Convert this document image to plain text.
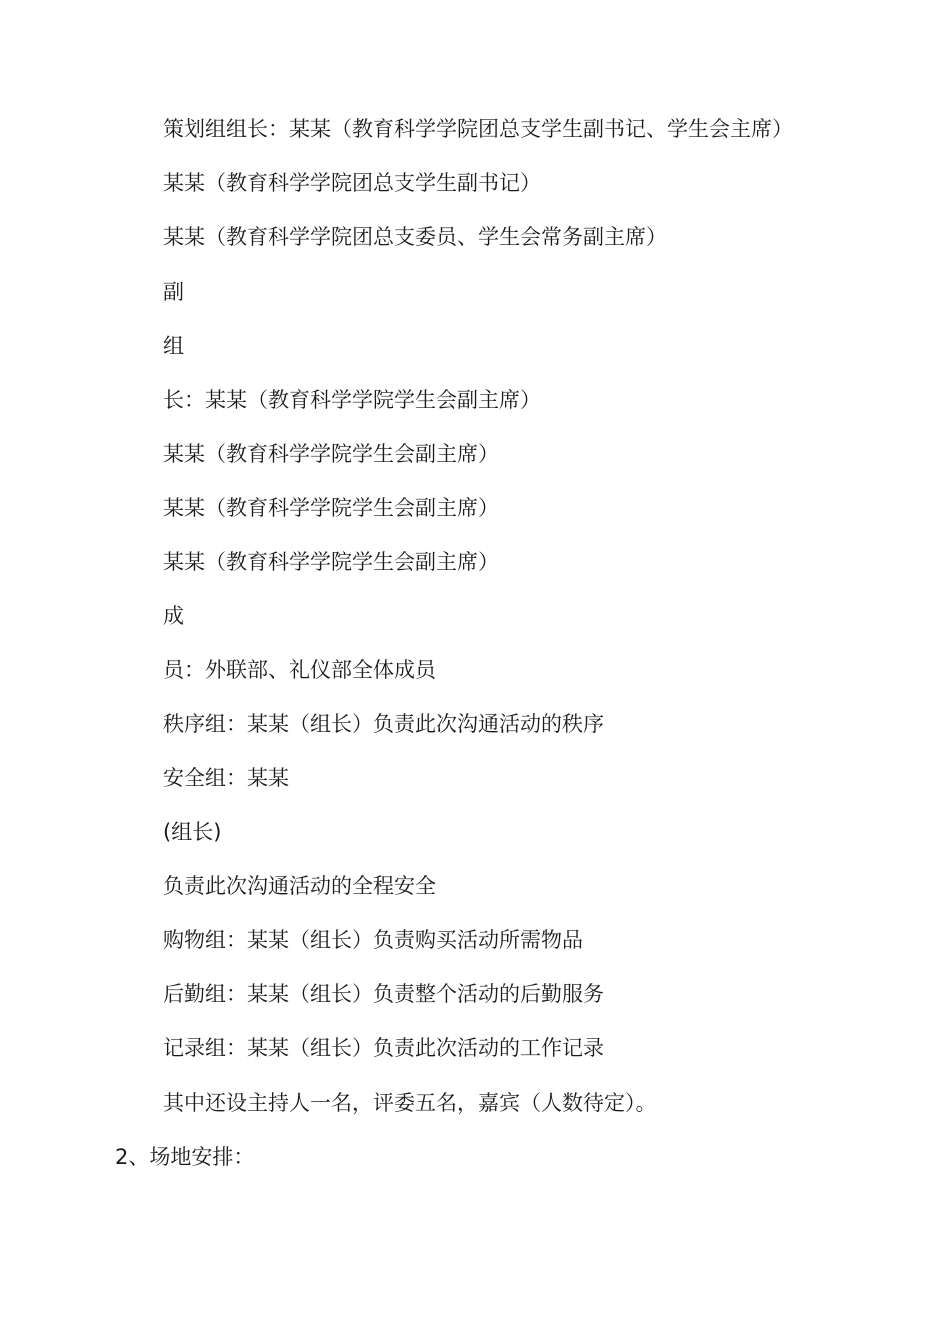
策划组组长：某某（教育科学学院团总支学生副书记、学生会主席）
某某（教育科学学院团总支学生副书记）
某某（教育科学学院团总支委员、学生会常务副主席）
副
组
长：某某（教育科学学院学生会副主席）
某某（教育科学学院学生会副主席）
某某（教育科学学院学生会副主席）
某某（教育科学学院学生会副主席）
成
员：外联部、礼仪部全体成员
秩序组：某某（组长）负责此次沟通活动的秩序
安全组：某某
(组长)
负责此次沟通活动的全程安全
购物组：某某（组长）负责购买活动所需物品
后勤组：某某（组长）负责整个活动的后勤服务
记录组：某某（组长）负责此次活动的工作记录
其中还设主持人一名，评委五名，嘉宾（人数待定）。
2、场地安排：
